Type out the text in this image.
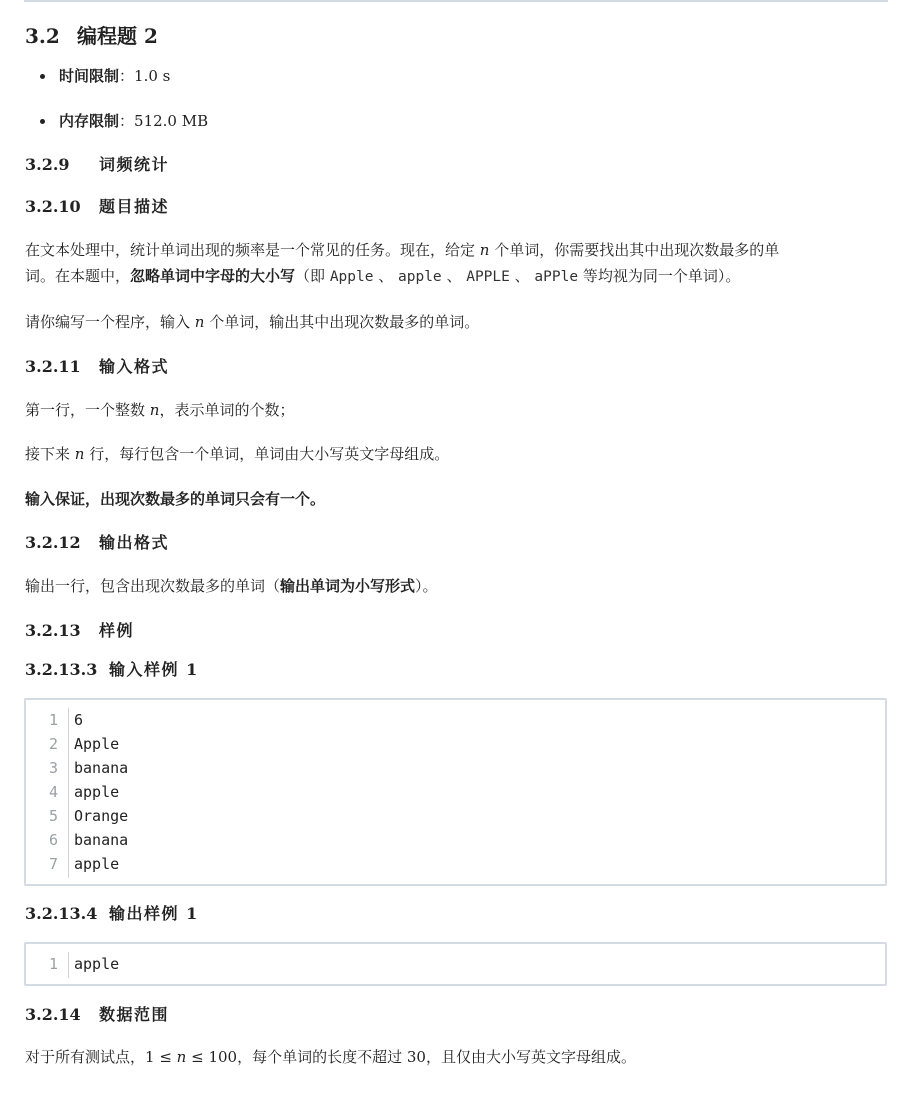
3.2 编程题 2
时间限制：1.0 s
内存限制：512.0 MB
3.2.9 词频统计
3.2.10 题目描述
在文本处理中，统计单词出现的频率是一个常见的任务。现在，给定 n 个单词，你需要找出其中出现次数最多的单
词。在本题中，忽略单词中字母的大小写（即 Apple 、 apple 、 APPLE 、 aPPle 等均视为同一个单词）。
请你编写一个程序，输入 n 个单词，输出其中出现次数最多的单词。
3.2.11 输入格式
第一行，一个整数 n，表示单词的个数；
接下来 n 行，每行包含一个单词，单词由大小写英文字母组成。
输入保证，出现次数最多的单词只会有一个。
3.2.12 输出格式
输出一行，包含出现次数最多的单词（输出单词为小写形式）。
3.2.13 样例
3.2.13.3 输入样例 1
1 6
2 Apple
3 banana
4 apple
5 Orange
6 banana
7 apple
3.2.13.4 输出样例 1
1 apple
3.2.14 数据范围
对于所有测试点，1 ≤ n ≤ 100，每个单词的长度不超过 30，且仅由大小写英文字母组成。
